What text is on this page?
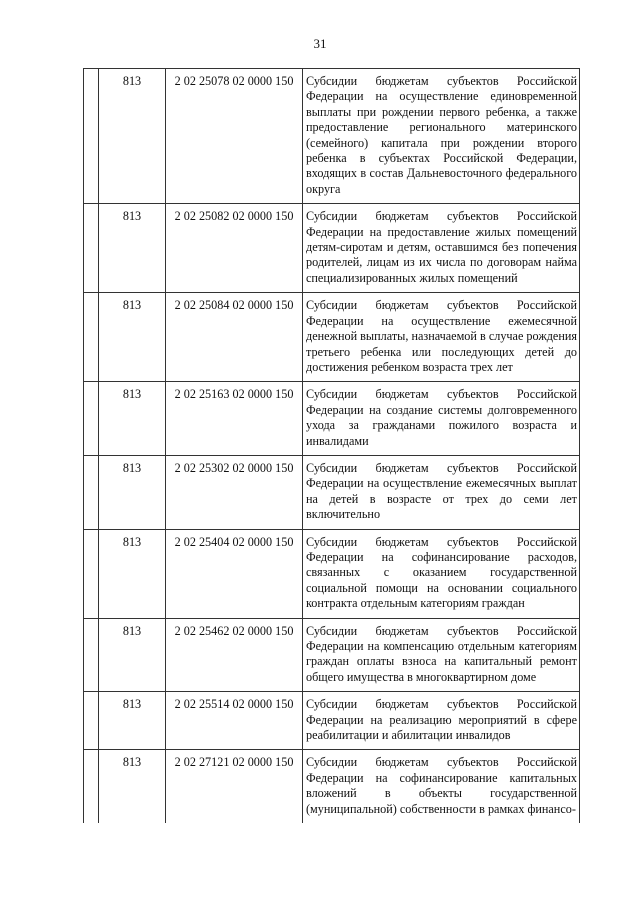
31
	813	2 02 25078 02 0000 150	Субсидии бюджетам субъектов Российской Федерации на осуществление единовременной выплаты при рождении первого ребенка, а также предоставление регионального материнского (семейного) капитала при рождении второго ребенка в субъектах Российской Федерации, входящих в состав Дальневосточного федерального округа
	813	2 02 25082 02 0000 150	Субсидии бюджетам субъектов Российской Федерации на предоставление жилых помещений детям-сиротам и детям, оставшимся без попечения родителей, лицам из их числа по договорам найма специализированных жилых помещений
	813	2 02 25084 02 0000 150	Субсидии бюджетам субъектов Российской Федерации на осуществление ежемесячной денежной выплаты, назначаемой в случае рождения третьего ребенка или последующих детей до достижения ребенком возраста трех лет
	813	2 02 25163 02 0000 150	Субсидии бюджетам субъектов Российской Федерации на создание системы долговременного ухода за гражданами пожилого возраста и инвалидами
	813	2 02 25302 02 0000 150	Субсидии бюджетам субъектов Российской Федерации на осуществление ежемесячных выплат на детей в возрасте от трех до семи лет включительно
	813	2 02 25404 02 0000 150	Субсидии бюджетам субъектов Российской Федерации на софинансирование расходов, связанных с оказанием государственной социальной помощи на основании социального контракта отдельным категориям граждан
	813	2 02 25462 02 0000 150	Субсидии бюджетам субъектов Российской Федерации на компенсацию отдельным категориям граждан оплаты взноса на капитальный ремонт общего имущества в многоквартирном доме
	813	2 02 25514 02 0000 150	Субсидии бюджетам субъектов Российской Федерации на реализацию мероприятий в сфере реабилитации и абилитации инвалидов
	813	2 02 27121 02 0000 150	Субсидии бюджетам субъектов Российской Федерации на софинансирование капитальных вложений в объекты государственной (муниципальной) собственности в рамках финансо-
